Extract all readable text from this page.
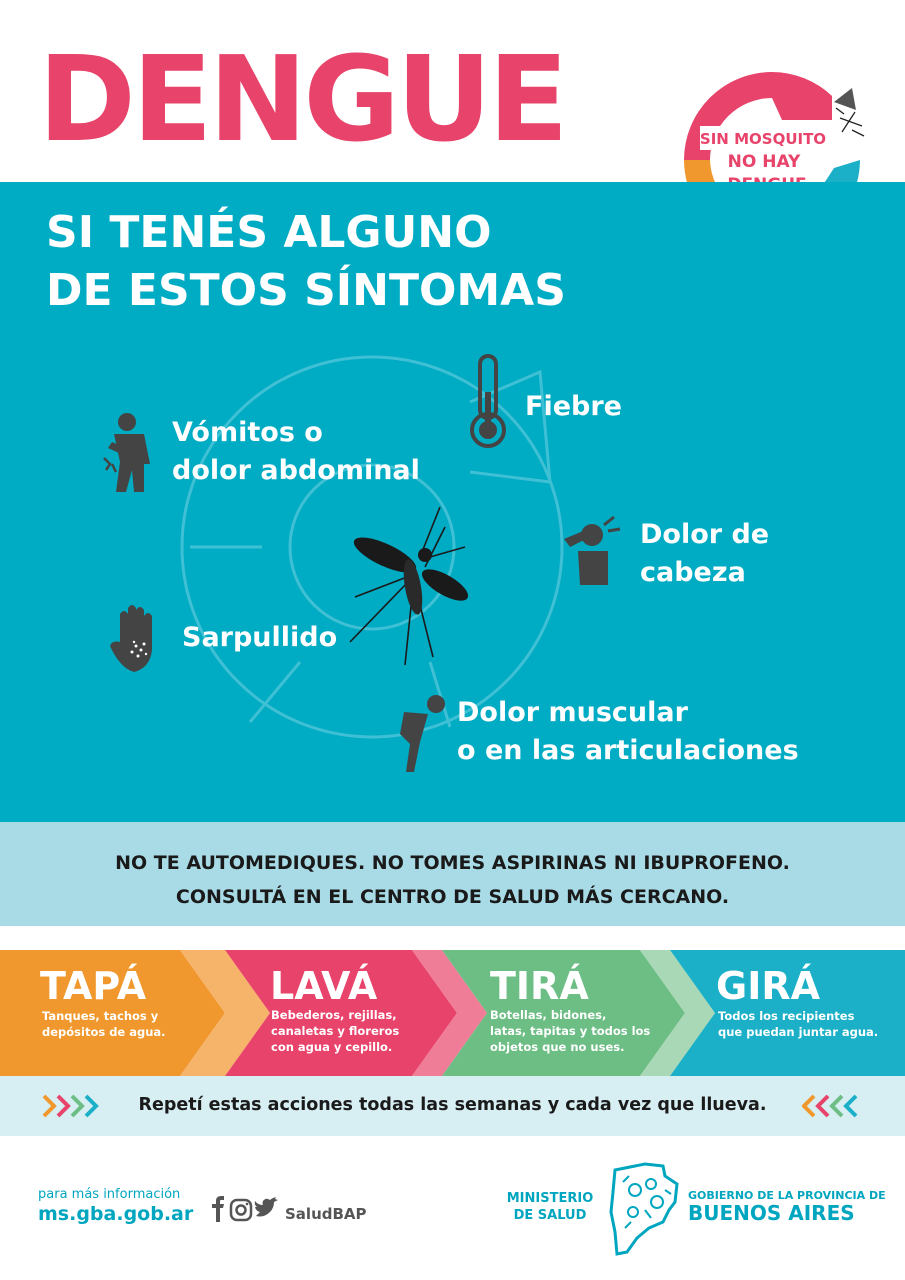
DENGUE	SIN MOSQUITO
NO HAY
SI TENÉS ALGUNO
DE ESTOS SÍNTOMAS
Fiebre
Vómitos o
dolor abdominal
Dolor de
cabeza
Sarpullido
Dolor muscular
o en las articulaciones
NO TE AUTOMEDIQUES. NO TOMES ASPIRINAS NI IBUPROFENO.
CONSULTÁ EN EL CENTRO DE SALUD MÁS CERCANO.
TAPÁ
Tanques, tachos y
depósitos de agua.
LAVÁ
Bebederos, rejillas,
canaletas y floreros
con agua y cepillo.
TIRÁ
Botellas, bidones,
latas, tapitas y todos los
objetos que no uses.
GIRÁ
Todos los recipientes
que puedan juntar agua.
Repetí estas acciones todas las semanas y cada vez que llueva.
para más información
ms.gba.gob.ar	SaludBAP
MINISTERIO
DE SALUD
GOBIERNO DE LA PROVINCIA DE
BUENOS AIRES
